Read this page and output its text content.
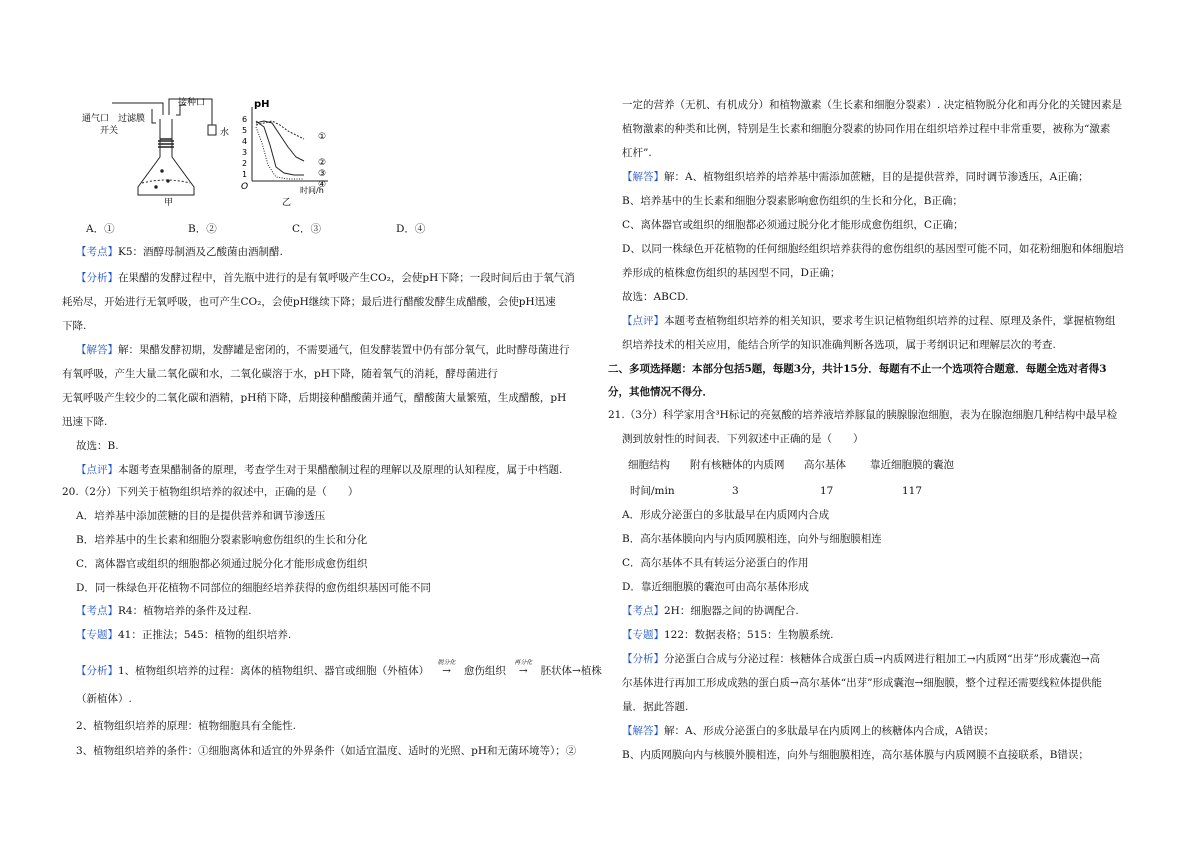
通气口 过滤膜
开关
接种口
水
甲
pH
6
5
4
3
2
1
O	时间/h
①
②
③
④
乙
A．①	B．②	C．③	D．④
【考点】K5：酒醇母制酒及乙酸菌由酒制醋.
【分析】在果醋的发酵过程中，首先瓶中进行的是有氧呼吸产生CO₂，会使pH下降；一段时间后由于氧气消
耗殆尽，开始进行无氧呼吸，也可产生CO₂，会使pH继续下降；最后进行醋酸发酵生成醋酸，会使pH迅速
下降.
【解答】解：果醋发酵初期，发酵罐是密闭的，不需要通气，但发酵装置中仍有部分氧气，此时酵母菌进行
有氧呼吸，产生大量二氧化碳和水，二氧化碳溶于水，pH下降，随着氧气的消耗，酵母菌进行
无氧呼吸产生较少的二氧化碳和酒精，pH稍下降，后期接种醋酸菌并通气，醋酸菌大量繁殖，生成醋酸，pH
迅速下降.
故选：B.
【点评】本题考查果醋制备的原理，考查学生对于果醋酿制过程的理解以及原理的认知程度，属于中档题.
20.（2分）下列关于植物组织培养的叙述中，正确的是（　　）
A．培养基中添加蔗糖的目的是提供营养和调节渗透压
B．培养基中的生长素和细胞分裂素影响愈伤组织的生长和分化
C．离体器官或组织的细胞都必须通过脱分化才能形成愈伤组织
D．同一株绿色开花植物不同部位的细胞经培养获得的愈伤组织基因可能不同
【考点】R4：植物培养的条件及过程.
【专题】41：正推法；545：植物的组织培养.
【分析】1、植物组织培养的过程：离体的植物组织、器官或细胞（外植体）
脱分化
→ 愈伤组织
再分化
→ 胚状体→植株
（新植体）.
2、植物组织培养的原理：植物细胞具有全能性.
3、植物组织培养的条件：①细胞离体和适宜的外界条件（如适宜温度、适时的光照、pH和无菌环境等）；②
一定的营养（无机、有机成分）和植物激素（生长素和细胞分裂素）. 决定植物脱分化和再分化的关键因素是
植物激素的种类和比例，特别是生长素和细胞分裂素的协同作用在组织培养过程中非常重要，被称为“激素
杠杆”.
【解答】解：A、植物组织培养的培养基中需添加蔗糖，目的是提供营养，同时调节渗透压，A正确；
B、培养基中的生长素和细胞分裂素影响愈伤组织的生长和分化，B正确；
C、离体器官或组织的细胞都必须通过脱分化才能形成愈伤组织，C正确；
D、以同一株绿色开花植物的任何细胞经组织培养获得的愈伤组织的基因型可能不同，如花粉细胞和体细胞培
养形成的植株愈伤组织的基因型不同，D正确；
故选：ABCD.
【点评】本题考查植物组织培养的相关知识，要求考生识记植物组织培养的过程、原理及条件，掌握植物组
织培养技术的相关应用，能结合所学的知识准确判断各选项，属于考纲识记和理解层次的考查.
二、多项选择题：本部分包括5题，每题3分，共计15分．每题有不止一个选项符合题意．每题全选对者得3
分，其他情况不得分．
21.（3分）科学家用含³H标记的亮氨酸的培养液培养豚鼠的胰腺腺泡细胞，表为在腺泡细胞几种结构中最早检
测到放射性的时间表．下列叙述中正确的是（　　）
细胞结构 附有核糖体的内质网 高尔基体 靠近细胞膜的囊泡
时间/min	3	17	117
A．形成分泌蛋白的多肽最早在内质网内合成
B．高尔基体膜向内与内质网膜相连，向外与细胞膜相连
C．高尔基体不具有转运分泌蛋白的作用
D．靠近细胞膜的囊泡可由高尔基体形成
【考点】2H：细胞器之间的协调配合.
【专题】122：数据表格；515：生物膜系统.
【分析】分泌蛋白合成与分泌过程：核糖体合成蛋白质→内质网进行粗加工→内质网“出芽”形成囊泡→高
尔基体进行再加工形成成熟的蛋白质→高尔基体“出芽”形成囊泡→细胞膜，整个过程还需要线粒体提供能
量．据此答题.
【解答】解：A、形成分泌蛋白的多肽最早在内质网上的核糖体内合成，A错误；
B、内质网膜向内与核膜外膜相连，向外与细胞膜相连，高尔基体膜与内质网膜不直接联系，B错误；
